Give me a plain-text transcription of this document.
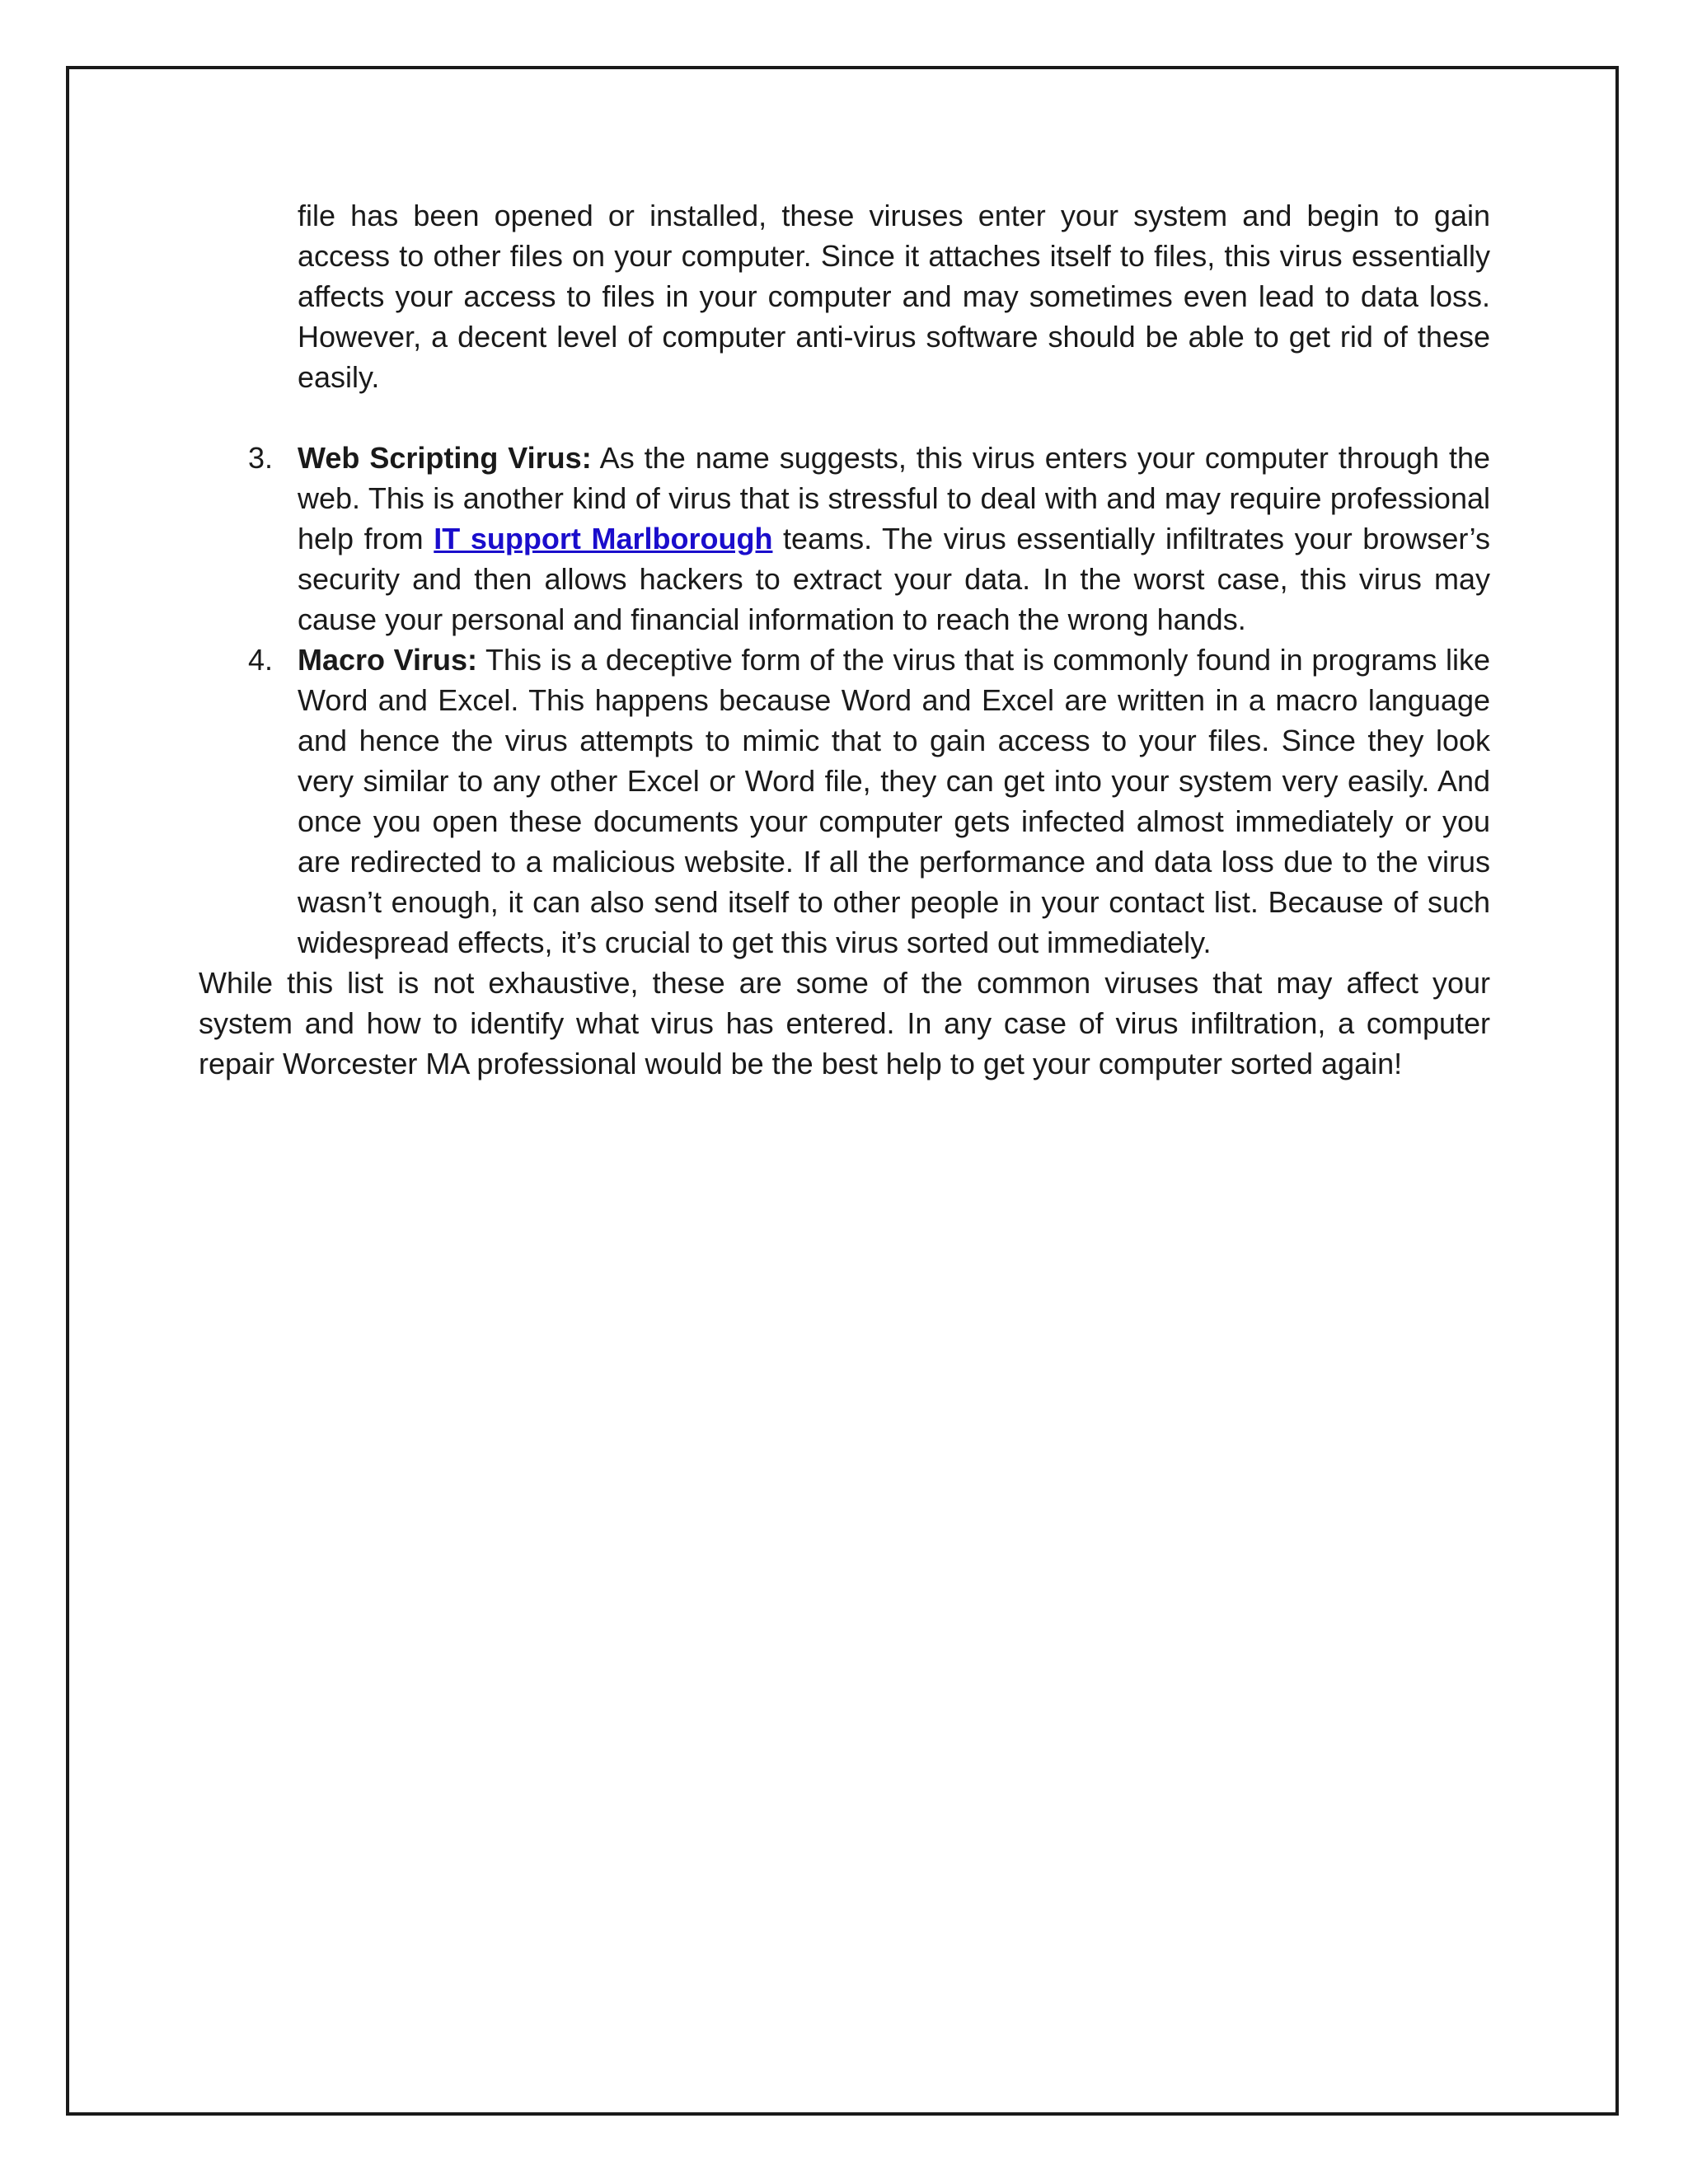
file has been opened or installed, these viruses enter your system and begin to gain access to other files on your computer. Since it attaches itself to files, this virus essentially affects your access to files in your computer and may sometimes even lead to data loss. However, a decent level of computer anti-virus software should be able to get rid of these easily.

3. Web Scripting Virus: As the name suggests, this virus enters your computer through the web. This is another kind of virus that is stressful to deal with and may require professional help from IT support Marlborough teams. The virus essentially infiltrates your browser’s security and then allows hackers to extract your data. In the worst case, this virus may cause your personal and financial information to reach the wrong hands.
4. Macro Virus: This is a deceptive form of the virus that is commonly found in programs like Word and Excel. This happens because Word and Excel are written in a macro language and hence the virus attempts to mimic that to gain access to your files. Since they look very similar to any other Excel or Word file, they can get into your system very easily. And once you open these documents your computer gets infected almost immediately or you are redirected to a malicious website. If all the performance and data loss due to the virus wasn’t enough, it can also send itself to other people in your contact list. Because of such widespread effects, it’s crucial to get this virus sorted out immediately.

While this list is not exhaustive, these are some of the common viruses that may affect your system and how to identify what virus has entered. In any case of virus infiltration, a computer repair Worcester MA professional would be the best help to get your computer sorted again!
